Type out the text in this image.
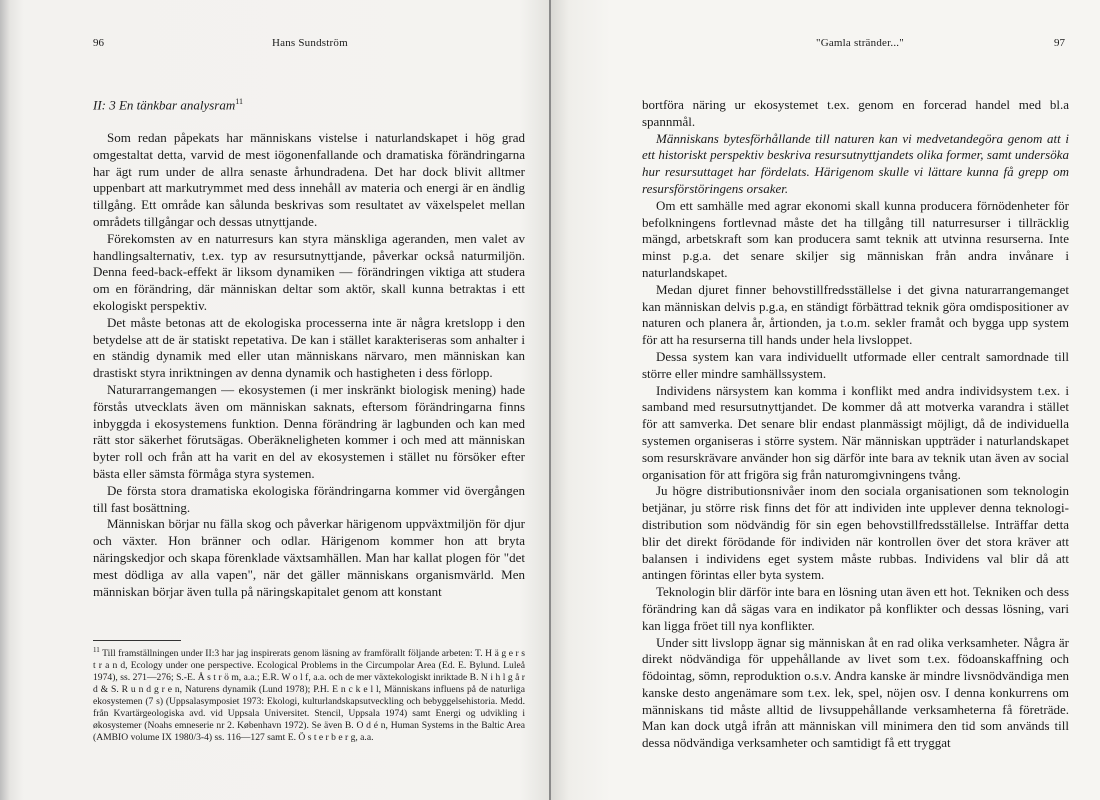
96	Hans Sundström
II: 3 En tänkbar analysram$^{11}$

Som redan påpekats har människans vistelse i naturlandskapet i hög grad omgestaltat detta, varvid de mest iögonenfallande och dramatiska förändringarna har ägt rum under de allra senaste århundradena. Det har dock blivit alltmer uppenbart att markutrymmet med dess innehåll av materia och energi är en ändlig tillgång. Ett område kan sålunda beskrivas som resultatet av växelspelet mellan områdets tillgångar och dessas utnyttjande.

Förekomsten av en naturresurs kan styra mänskliga ageranden, men valet av handlingsalternativ, t.ex. typ av resursutnyttjande, påverkar också naturmiljön. Denna feed-back-effekt är liksom dynamiken — förändringen viktiga att studera om en förändring, där människan deltar som aktör, skall kunna betraktas i ett ekologiskt perspektiv.

Det måste betonas att de ekologiska processerna inte är några kretslopp i den betydelse att de är statiskt repetativa. De kan i stället karakteriseras som anhalter i en ständig dynamik med eller utan människans närvaro, men människan kan drastiskt styra inriktningen av denna dynamik och hastigheten i dess förlopp.

Naturarrangemangen — ekosystemen (i mer inskränkt biologisk mening) hade förstås utvecklats även om människan saknats, eftersom förändringarna finns inbyggda i ekosystemens funktion. Denna förändring är lagbunden och kan med rätt stor säkerhet förutsägas. Oberäkneligheten kommer i och med att människan byter roll och från att ha varit en del av ekosystemen i stället nu försöker efter bästa eller sämsta förmåga styra systemen.

De första stora dramatiska ekologiska förändringarna kommer vid övergången till fast bosättning.

Människan börjar nu fälla skog och påverkar härigenom uppväxtmiljön för djur och växter. Hon bränner och odlar. Härigenom kommer hon att bryta näringskedjor och skapa förenklade växtsamhällen. Man har kallat plogen för "det mest dödliga av alla vapen", när det gäller människans organismvärld. Men människan börjar även tulla på näringskapitalet genom att konstant

$^{11}$ Till framställningen under II:3 har jag inspirerats genom läsning av framförallt följande arbeten: T. H ä g e r s t r a n d, Ecology under one perspective. Ecological Problems in the Circumpolar Area (Ed. E. Bylund. Luleå 1974), ss. 271—276; S.-E. Å s t r ö m, a.a.; E.R. W o l f, a.a. och de mer växtekologiskt inriktade B. N i h l g å r d & S. R u n d g r e n, Naturens dynamik (Lund 1978); P.H. E n c k e l l, Människans influens på de naturliga ekosystemen (7 s) (Uppsalasymposiet 1973: Ekologi, kulturlandskapsutveckling och bebyggelsehistoria. Medd. från Kvartärgeologiska avd. vid Uppsala Universitet. Stencil, Uppsala 1974) samt Energi og udvikling i økosystemer (Noahs emneserie nr 2. København 1972). Se även B. O d é n, Human Systems in the Baltic Area (AMBIO volume IX 1980/3-4) ss. 116—127 samt E. Ö s t e r b e r g, a.a.
"Gamla stränder..."	97

bortföra näring ur ekosystemet t.ex. genom en forcerad handel med bl.a spannmål.

Människans bytesförhållande till naturen kan vi medvetandegöra genom att i ett historiskt perspektiv beskriva resursutnyttjandets olika former, samt undersöka hur resursuttaget har fördelats. Härigenom skulle vi lättare kunna få grepp om resursförstöringens orsaker.

Om ett samhälle med agrar ekonomi skall kunna producera förnödenheter för befolkningens fortlevnad måste det ha tillgång till naturresurser i tillräcklig mängd, arbetskraft som kan producera samt teknik att utvinna resurserna. Inte minst p.g.a. det senare skiljer sig människan från andra invånare i naturlandskapet.

Medan djuret finner behovstillfredsställelse i det givna naturarrangemanget kan människan delvis p.g.a, en ständigt förbättrad teknik göra omdispositioner av naturen och planera år, årtionden, ja t.o.m. sekler framåt och bygga upp system för att ha resurserna till hands under hela livsloppet.

Dessa system kan vara individuellt utformade eller centralt samordnade till större eller mindre samhällssystem.

Individens närsystem kan komma i konflikt med andra individsystem t.ex. i samband med resursutnyttjandet. De kommer då att motverka varandra i stället för att samverka. Det senare blir endast planmässigt möjligt, då de individuella systemen organiseras i större system. När människan uppträder i naturlandskapet som resurskrävare använder hon sig därför inte bara av teknik utan även av social organisation för att frigöra sig från naturomgivningens tvång.

Ju högre distributionsnivåer inom den sociala organisationen som teknologin betjänar, ju större risk finns det för att individen inte upplever denna teknologi- distribution som nödvändig för sin egen behovstillfredsställelse. Inträffar detta blir det direkt förödande för individen när kontrollen över det stora kräver att balansen i individens eget system måste rubbas. Individens val blir då att antingen förintas eller byta system.

Teknologin blir därför inte bara en lösning utan även ett hot. Tekniken och dess förändring kan då sägas vara en indikator på konflikter och dessas lösning, vari kan ligga fröet till nya konflikter.

Under sitt livslopp ägnar sig människan åt en rad olika verksamheter. Några är direkt nödvändiga för uppehållande av livet som t.ex. födoanskaffning och födointag, sömn, reproduktion o.s.v. Andra kanske är mindre livsnödvändiga men kanske desto angenämare som t.ex. lek, spel, nöjen osv. I denna konkurrens om människans tid måste alltid de livsuppehållande verksamheterna få företräde. Man kan dock utgå ifrån att människan vill minimera den tid som används till dessa nödvändiga verksamheter och samtidigt få ett tryggat
